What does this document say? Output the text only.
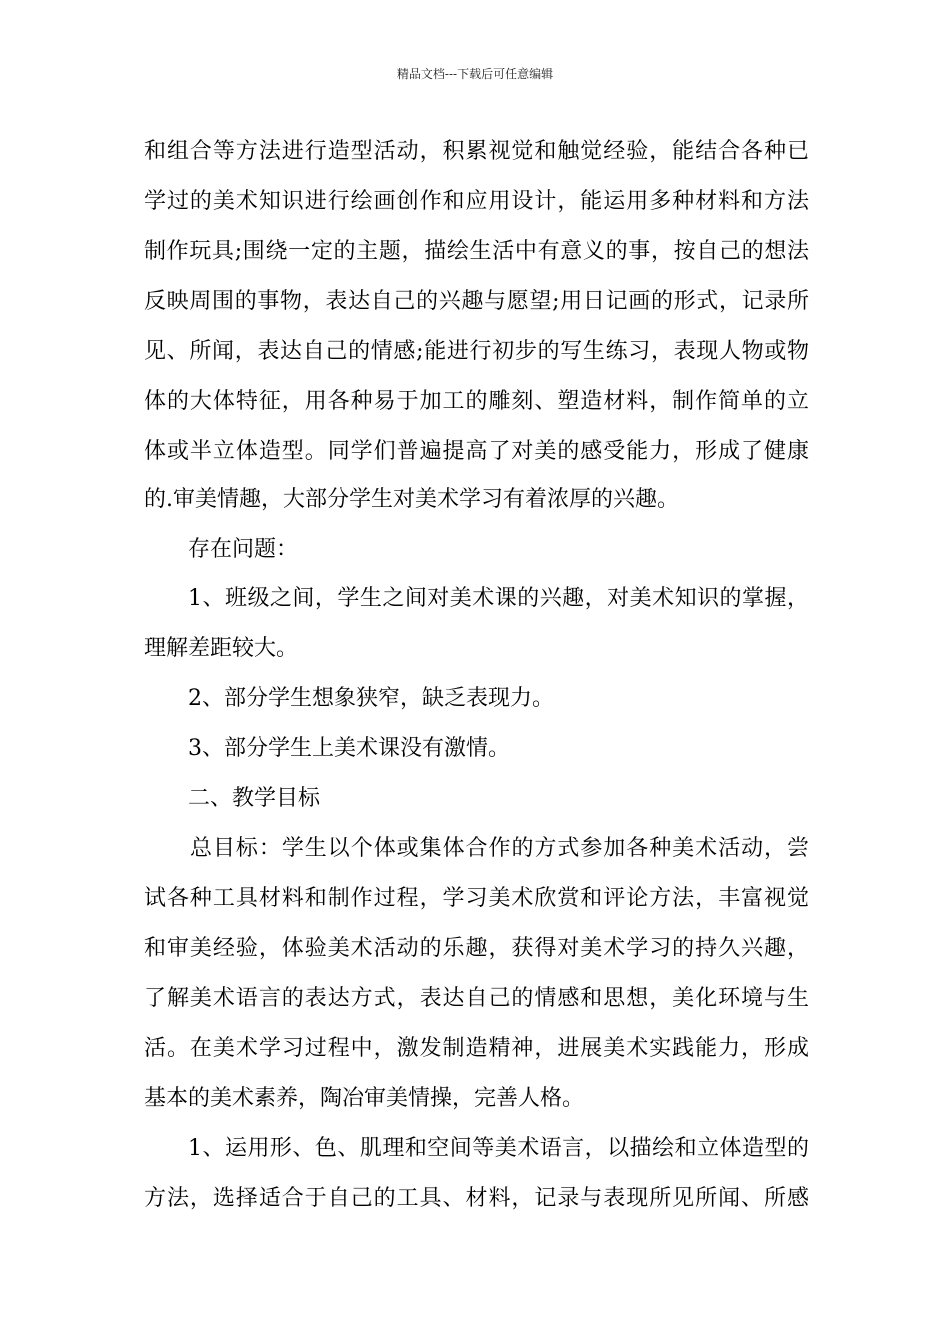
精品文档---下载后可任意编辑
和组合等方法进行造型活动，积累视觉和触觉经验，能结合各种已
学过的美术知识进行绘画创作和应用设计，能运用多种材料和方法
制作玩具;围绕一定的主题，描绘生活中有意义的事，按自己的想法
反映周围的事物，表达自己的兴趣与愿望;用日记画的形式，记录所
见、所闻，表达自己的情感;能进行初步的写生练习，表现人物或物
体的大体特征，用各种易于加工的雕刻、塑造材料，制作简单的立
体或半立体造型。同学们普遍提高了对美的感受能力，形成了健康
的.审美情趣，大部分学生对美术学习有着浓厚的兴趣。
存在问题：
1、班级之间，学生之间对美术课的兴趣，对美术知识的掌握，
理解差距较大。
2、部分学生想象狭窄，缺乏表现力。
3、部分学生上美术课没有激情。
二、教学目标
总目标：学生以个体或集体合作的方式参加各种美术活动，尝
试各种工具材料和制作过程，学习美术欣赏和评论方法，丰富视觉
和审美经验，体验美术活动的乐趣，获得对美术学习的持久兴趣，
了解美术语言的表达方式，表达自己的情感和思想，美化环境与生
活。在美术学习过程中，激发制造精神，进展美术实践能力，形成
基本的美术素养，陶冶审美情操，完善人格。
1、运用形、色、肌理和空间等美术语言，以描绘和立体造型的
方法，选择适合于自己的工具、材料，记录与表现所见所闻、所感
